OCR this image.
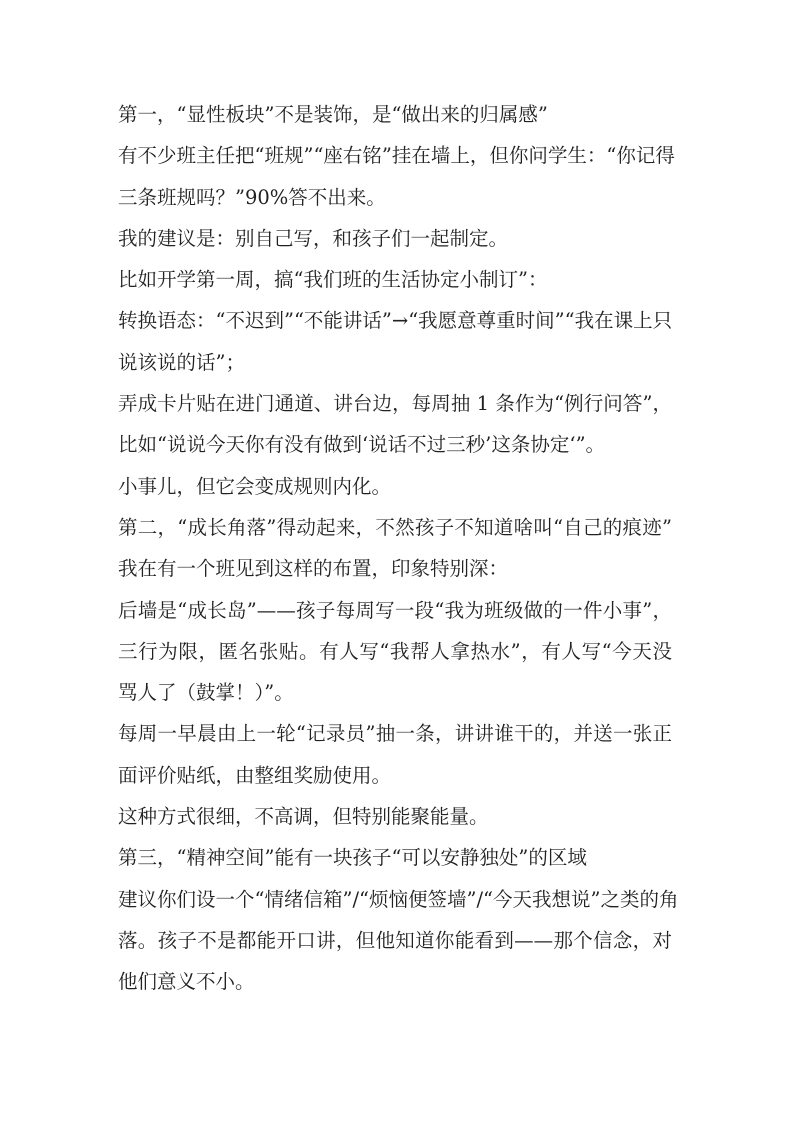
第一，“显性板块”不是装饰，是“做出来的归属感”
有不少班主任把“班规”“座右铭”挂在墙上，但你问学生：“你记得
三条班规吗？”90%答不出来。
我的建议是：别自己写，和孩子们一起制定。
比如开学第一周，搞“我们班的生活协定小制订”：
转换语态：“不迟到”“不能讲话”→“我愿意尊重时间”“我在课上只
说该说的话”；
弄成卡片贴在进门通道、讲台边，每周抽 1 条作为“例行问答”，
比如“说说今天你有没有做到‘说话不过三秒’这条协定‘”。
小事儿，但它会变成规则内化。
第二，“成长角落”得动起来，不然孩子不知道啥叫“自己的痕迹”
我在有一个班见到这样的布置，印象特别深：
后墙是“成长岛”——孩子每周写一段“我为班级做的一件小事”，
三行为限，匿名张贴。有人写“我帮人拿热水”，有人写“今天没
骂人了（鼓掌！）”。
每周一早晨由上一轮“记录员”抽一条，讲讲谁干的，并送一张正
面评价贴纸，由整组奖励使用。
这种方式很细，不高调，但特别能聚能量。
第三，“精神空间”能有一块孩子“可以安静独处”的区域
建议你们设一个“情绪信箱”/“烦恼便签墙”/“今天我想说”之类的角
落。孩子不是都能开口讲，但他知道你能看到——那个信念，对
他们意义不小。
